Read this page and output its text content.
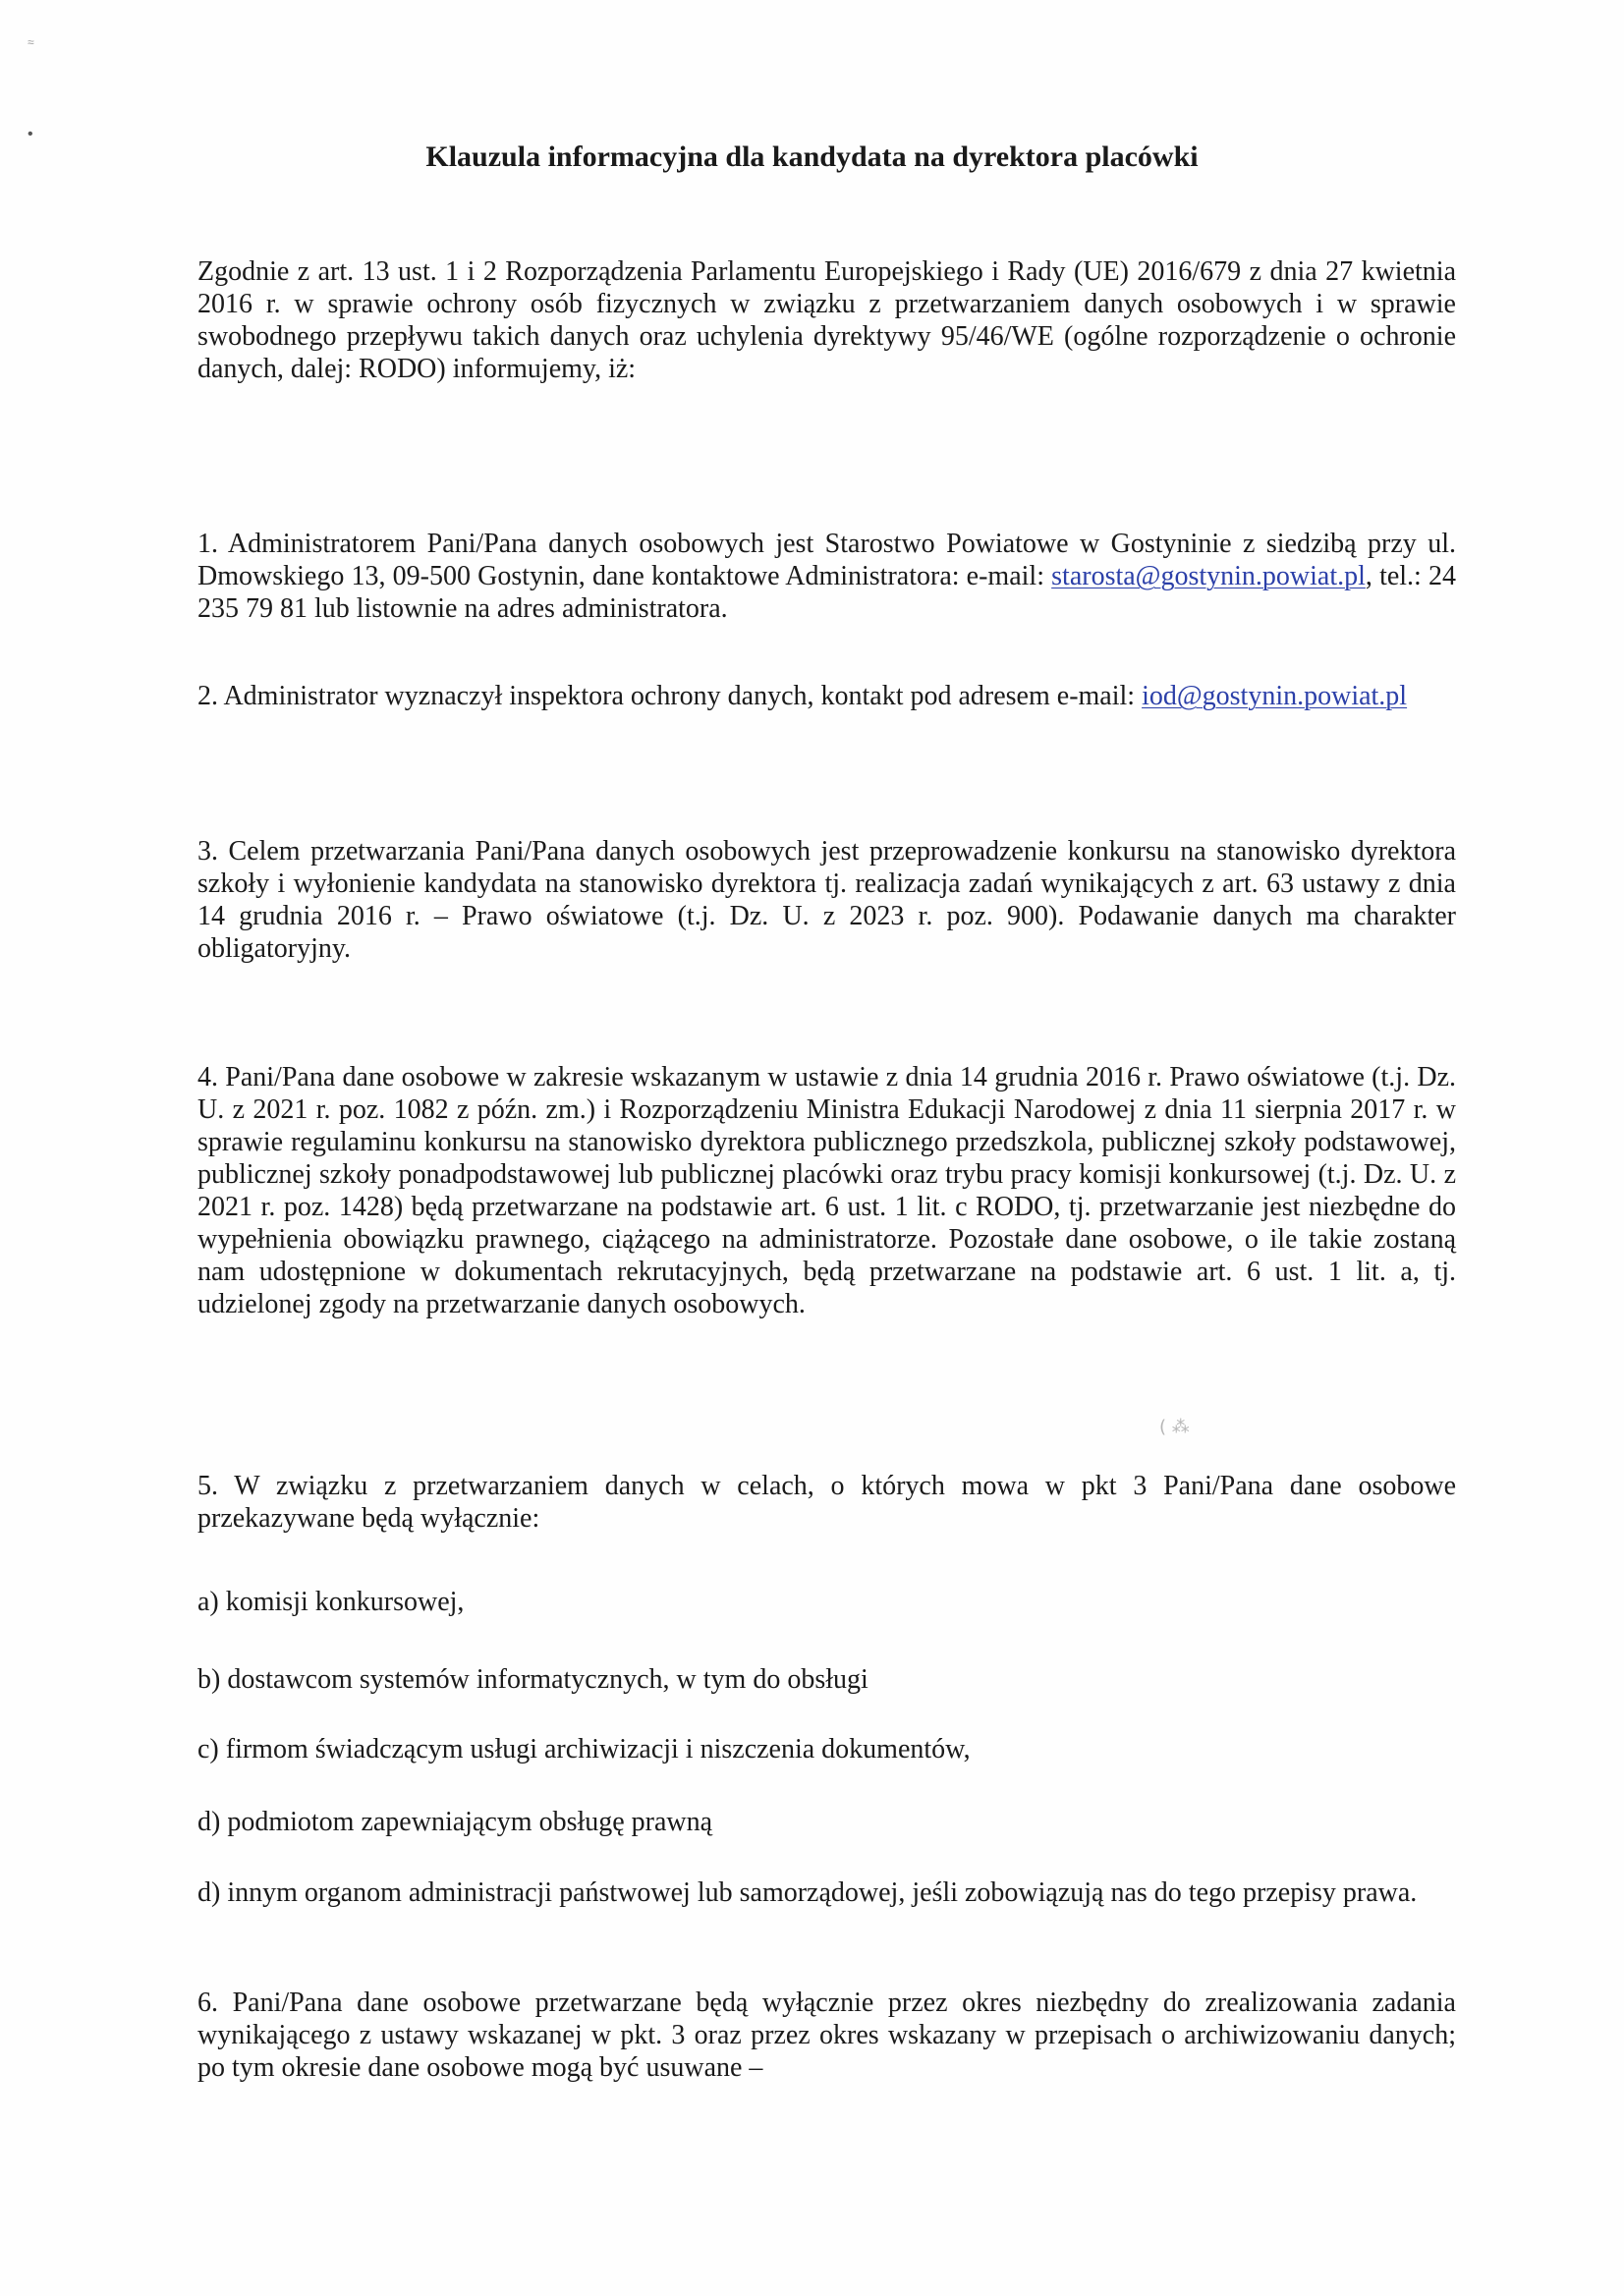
≈
•
Klauzula informacyjna dla kandydata na dyrektora placówki

Zgodnie z art. 13 ust. 1 i 2 Rozporządzenia Parlamentu Europejskiego i Rady (UE) 2016/679 z dnia 27 kwietnia 2016 r. w sprawie ochrony osób fizycznych w związku z przetwarzaniem danych osobowych i w sprawie swobodnego przepływu takich danych oraz uchylenia dyrektywy 95/46/WE (ogólne rozporządzenie o ochronie danych, dalej: RODO) informujemy, iż:

1. Administratorem Pani/Pana danych osobowych jest Starostwo Powiatowe w Gostyninie z siedzibą przy ul. Dmowskiego 13, 09-500 Gostynin, dane kontaktowe Administratora: e-mail: starosta@gostynin.powiat.pl, tel.: 24 235 79 81 lub listownie na adres administratora.

2. Administrator wyznaczył inspektora ochrony danych, kontakt pod adresem e-mail: iod@gostynin.powiat.pl

3. Celem przetwarzania Pani/Pana danych osobowych jest przeprowadzenie konkursu na stanowisko dyrektora szkoły i wyłonienie kandydata na stanowisko dyrektora tj. realizacja zadań wynikających z art. 63 ustawy z dnia 14 grudnia 2016 r. – Prawo oświatowe (t.j. Dz. U. z 2023 r. poz. 900). Podawanie danych ma charakter obligatoryjny.

4. Pani/Pana dane osobowe w zakresie wskazanym w ustawie z dnia 14 grudnia 2016 r. Prawo oświatowe (t.j. Dz. U. z 2021 r. poz. 1082 z późn. zm.) i Rozporządzeniu Ministra Edukacji Narodowej z dnia 11 sierpnia 2017 r. w sprawie regulaminu konkursu na stanowisko dyrektora publicznego przedszkola, publicznej szkoły podstawowej, publicznej szkoły ponadpodstawowej lub publicznej placówki oraz trybu pracy komisji konkursowej (t.j. Dz. U. z 2021 r. poz. 1428) będą przetwarzane na podstawie art. 6 ust. 1 lit. c RODO, tj. przetwarzanie jest niezbędne do wypełnienia obowiązku prawnego, ciążącego na administratorze. Pozostałe dane osobowe, o ile takie zostaną nam udostępnione w dokumentach rekrutacyjnych, będą przetwarzane na podstawie art. 6 ust. 1 lit. a, tj. udzielonej zgody na przetwarzanie danych osobowych.

( ⁂

5. W związku z przetwarzaniem danych w celach, o których mowa w pkt 3 Pani/Pana dane osobowe przekazywane będą wyłącznie:

a) komisji konkursowej,

b) dostawcom systemów informatycznych, w tym do obsługi

c) firmom świadczącym usługi archiwizacji i niszczenia dokumentów,

d) podmiotom zapewniającym obsługę prawną

d) innym organom administracji państwowej lub samorządowej, jeśli zobowiązują nas do tego przepisy prawa.

6. Pani/Pana dane osobowe przetwarzane będą wyłącznie przez okres niezbędny do zrealizowania zadania wynikającego z ustawy wskazanej w pkt. 3 oraz przez okres wskazany w przepisach o archiwizowaniu danych; po tym okresie dane osobowe mogą być usuwane –
